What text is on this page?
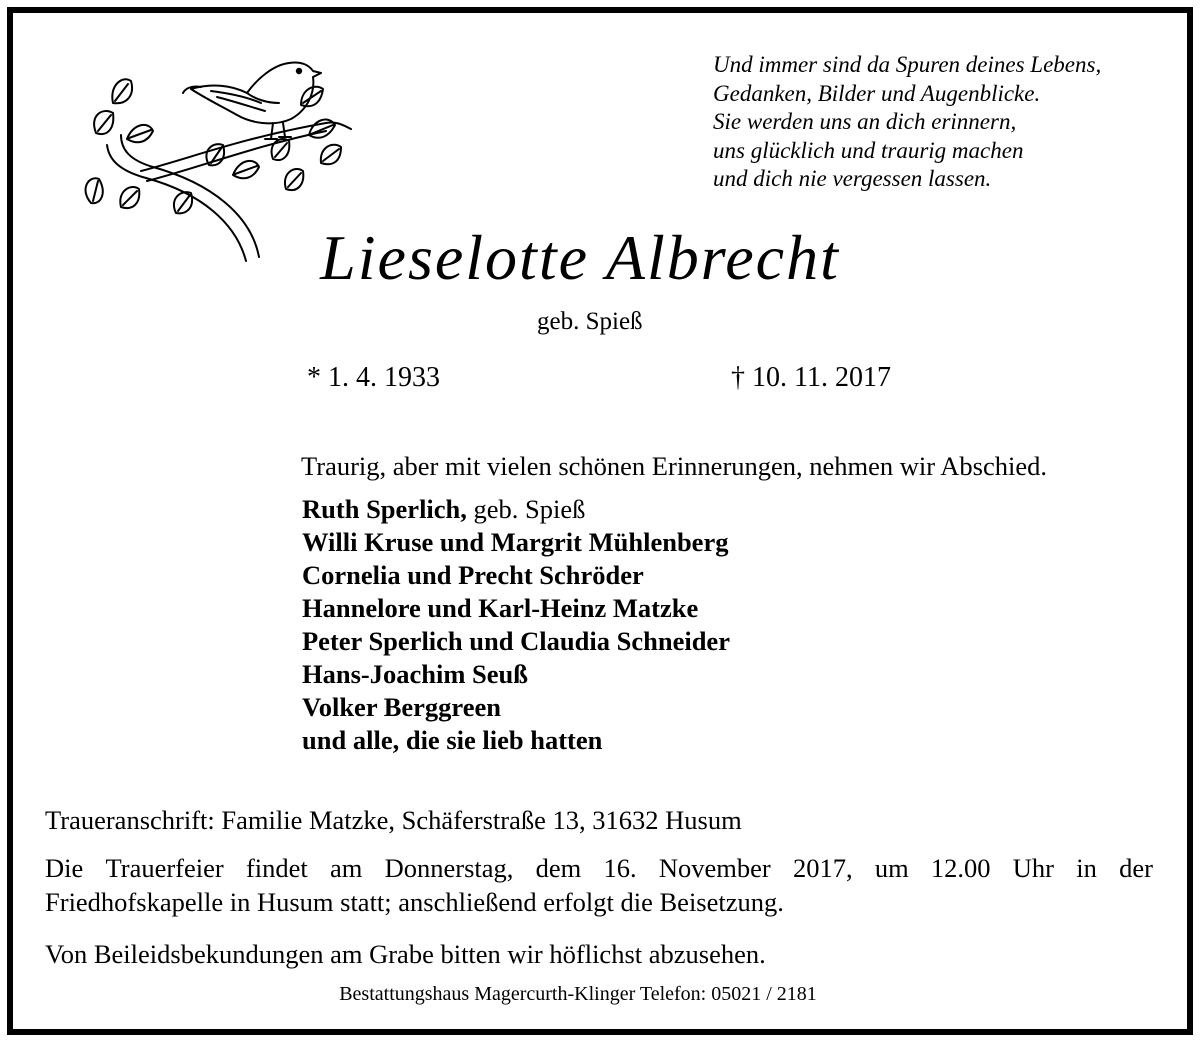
Und immer sind da Spuren deines Lebens,
Gedanken, Bilder und Augenblicke.
Sie werden uns an dich erinnern,
uns glücklich und traurig machen
und dich nie vergessen lassen.
Lieselotte Albrecht
geb. Spieß
* 1. 4. 1933	† 10. 11. 2017
Traurig, aber mit vielen schönen Erinnerungen, nehmen wir Abschied.
Ruth Sperlich, geb. Spieß
Willi Kruse und Margrit Mühlenberg
Cornelia und Precht Schröder
Hannelore und Karl-Heinz Matzke
Peter Sperlich und Claudia Schneider
Hans-Joachim Seuß
Volker Berggreen
und alle, die sie lieb hatten
Traueranschrift: Familie Matzke, Schäferstraße 13, 31632 Husum
Die Trauerfeier findet am Donnerstag, dem 16. November 2017, um 12.00 Uhr in der
Friedhofskapelle in Husum statt; anschließend erfolgt die Beisetzung.
Von Beileidsbekundungen am Grabe bitten wir höflichst abzusehen.
Bestattungshaus Magercurth-Klinger Telefon: 05021 / 2181
